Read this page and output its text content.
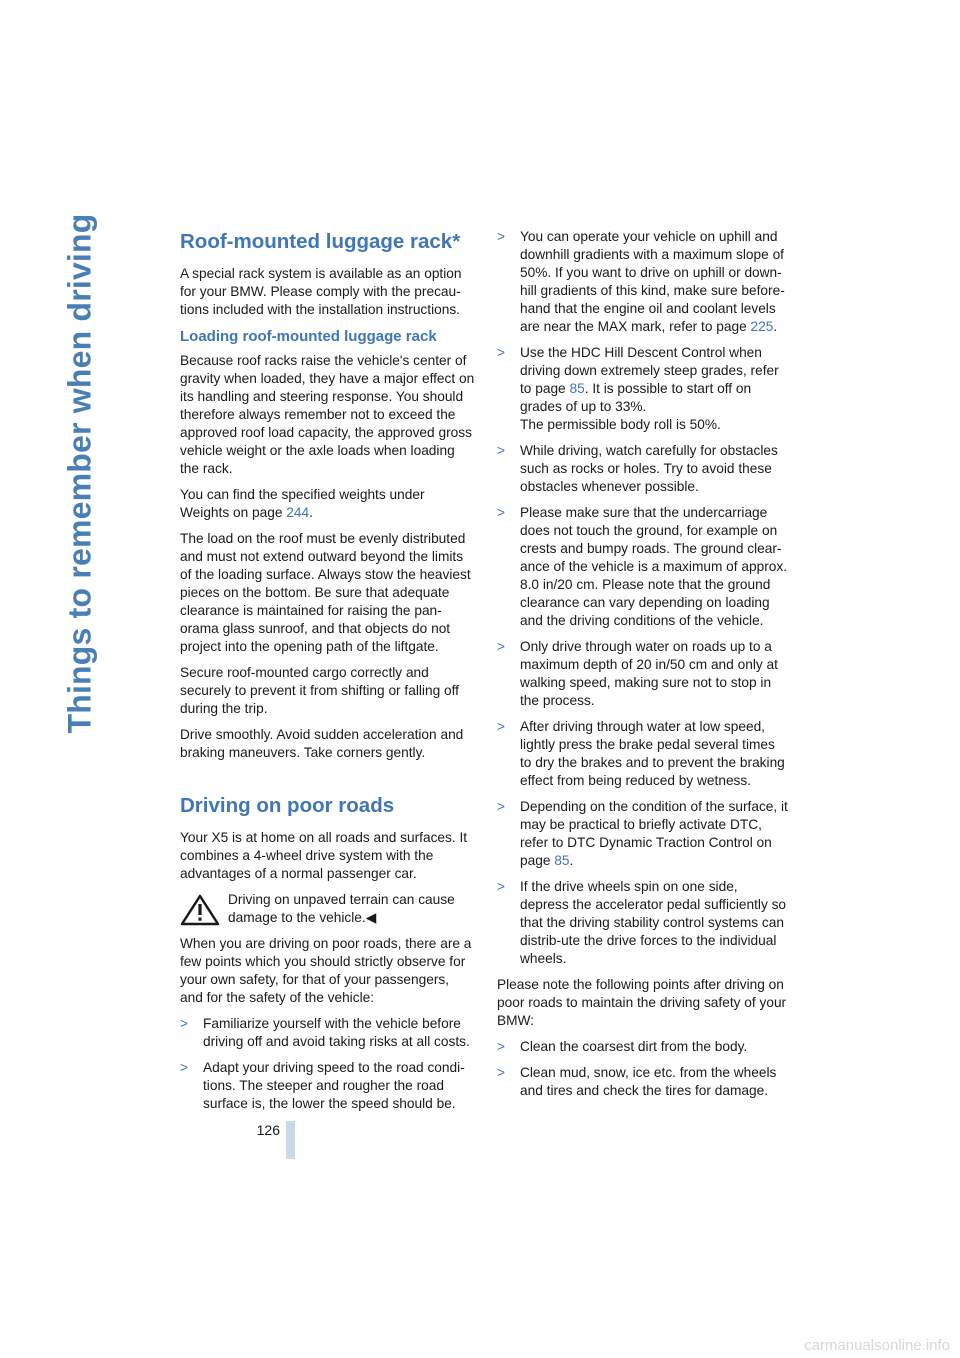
Things to remember when driving	Roof-mounted luggage rack*

A special rack system is available as an option for your BMW. Please comply with the precau-tions included with the installation instructions.

Loading roof-mounted luggage rack

Because roof racks raise the vehicle's center of gravity when loaded, they have a major effect on its handling and steering response. You should therefore always remember not to exceed the approved roof load capacity, the approved gross vehicle weight or the axle loads when loading the rack.

You can find the specified weights under Weights on page 244.

The load on the roof must be evenly distributed and must not extend outward beyond the limits of the loading surface. Always stow the heaviest pieces on the bottom. Be sure that adequate clearance is maintained for raising the pan-orama glass sunroof, and that objects do not project into the opening path of the liftgate.

Secure roof-mounted cargo correctly and securely to prevent it from shifting or falling off during the trip.

Drive smoothly. Avoid sudden acceleration and braking maneuvers. Take corners gently.

Driving on poor roads

Your X5 is at home on all roads and surfaces. It combines a 4-wheel drive system with the advantages of a normal passenger car.

Driving on unpaved terrain can cause damage to the vehicle.◀

When you are driving on poor roads, there are a few points which you should strictly observe for your own safety, for that of your passengers, and for the safety of the vehicle:

> Familiarize yourself with the vehicle before driving off and avoid taking risks at all costs.
> Adapt your driving speed to the road condi-tions. The steeper and rougher the road surface is, the lower the speed should be.
> You can operate your vehicle on uphill and downhill gradients with a maximum slope of 50%. If you want to drive on uphill or down-hill gradients of this kind, make sure before-hand that the engine oil and coolant levels are near the MAX mark, refer to page 225.
> Use the HDC Hill Descent Control when driving down extremely steep grades, refer to page 85. It is possible to start off on grades of up to 33%.
The permissible body roll is 50%.
> While driving, watch carefully for obstacles such as rocks or holes. Try to avoid these obstacles whenever possible.
> Please make sure that the undercarriage does not touch the ground, for example on crests and bumpy roads. The ground clear-ance of the vehicle is a maximum of approx. 8.0 in/20 cm. Please note that the ground clearance can vary depending on loading and the driving conditions of the vehicle.
> Only drive through water on roads up to a maximum depth of 20 in/50 cm and only at walking speed, making sure not to stop in the process.
> After driving through water at low speed, lightly press the brake pedal several times to dry the brakes and to prevent the braking effect from being reduced by wetness.
> Depending on the condition of the surface, it may be practical to briefly activate DTC, refer to DTC Dynamic Traction Control on page 85.
> If the drive wheels spin on one side, depress the accelerator pedal sufficiently so that the driving stability control systems can distrib-ute the drive forces to the individual wheels.

Please note the following points after driving on poor roads to maintain the driving safety of your BMW:

> Clean the coarsest dirt from the body.
> Clean mud, snow, ice etc. from the wheels and tires and check the tires for damage.
126
carmanualsonline.info
